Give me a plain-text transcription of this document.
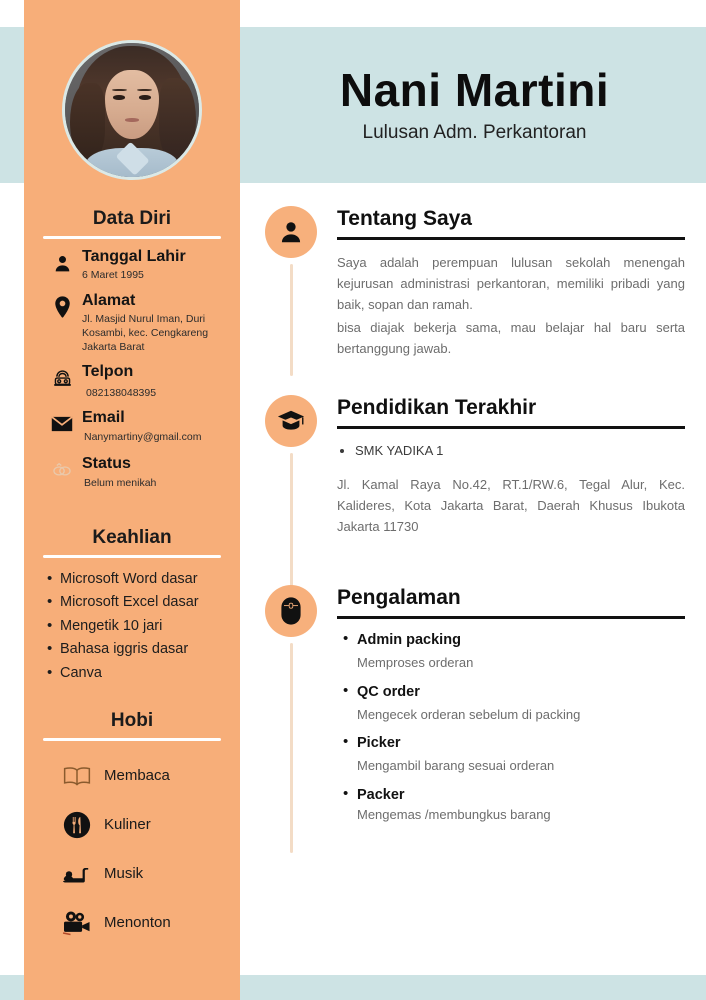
Nani Martini
Lulusan Adm. Perkantoran
Data Diri
Tanggal Lahir
6 Maret 1995
Alamat
Jl. Masjid Nurul Iman, Duri Kosambi, kec. Cengkareng Jakarta Barat
Telpon
082138048395
Email
Nanymartiny@gmail.com
Status
Belum menikah
Keahlian
• Microsoft Word dasar
• Microsoft Excel dasar
• Mengetik 10 jari
• Bahasa iggris dasar
• Canva
Hobi
Membaca
Kuliner
Musik
Menonton
Tentang Saya

Saya adalah perempuan lulusan sekolah menengah kejurusan administrasi perkantoran, memiliki pribadi yang baik, sopan dan ramah.

bisa diajak bekerja sama, mau belajar hal baru serta bertanggung jawab.

Pendidikan Terakhir
• SMK YADIKA 1

Jl. Kamal Raya No.42, RT.1/RW.6, Tegal Alur, Kec. Kalideres, Kota Jakarta Barat, Daerah Khusus Ibukota Jakarta 11730

Pengalaman
• Admin packing
Memproses orderan
• QC order
Mengecek orderan sebelum di packing
• Picker
Mengambil barang sesuai orderan
• Packer
Mengemas /membungkus barang
